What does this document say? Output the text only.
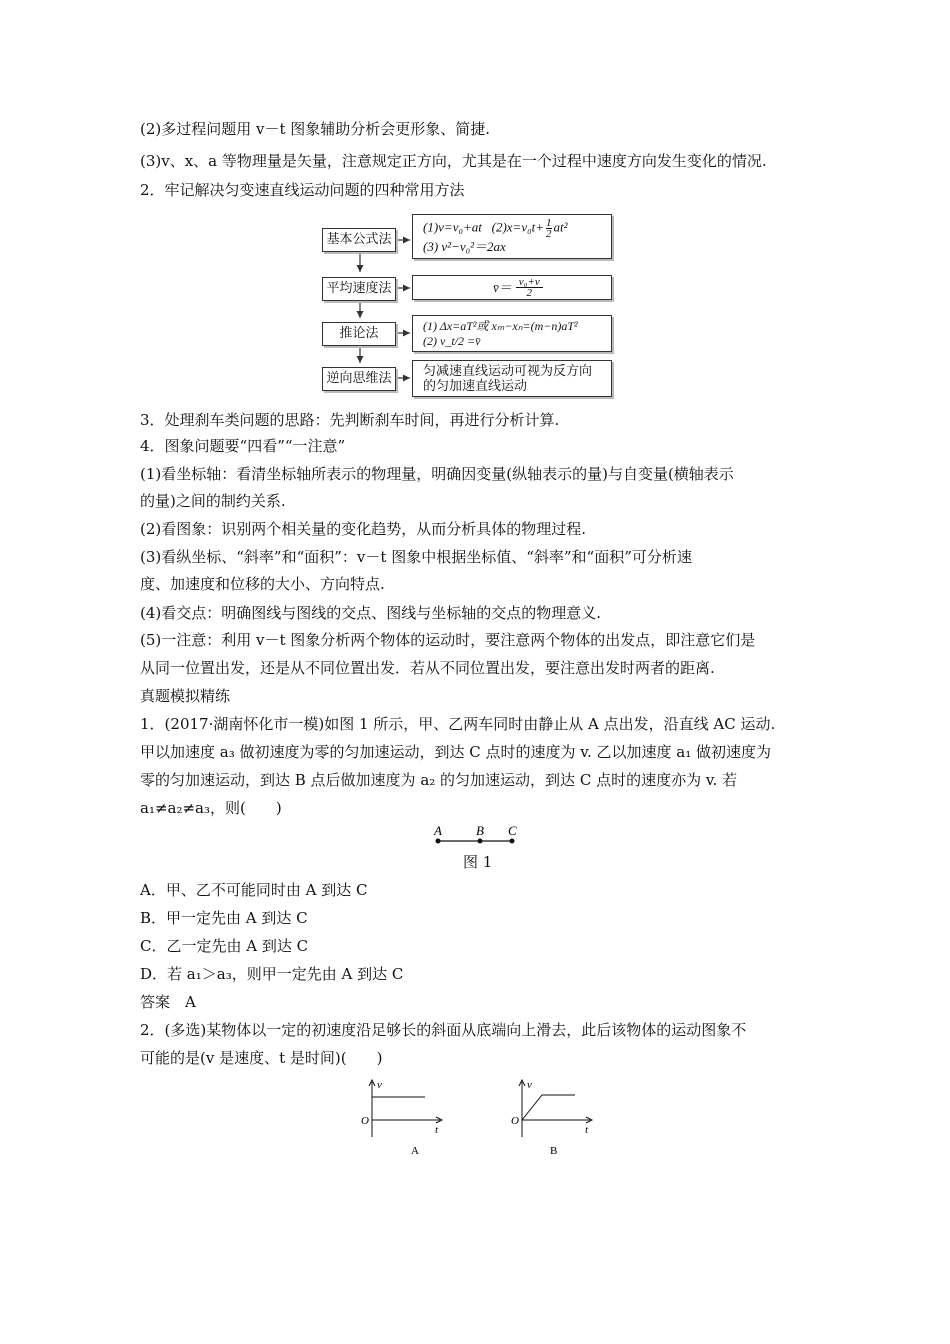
(2)多过程问题用 v－t 图象辅助分析会更形象、简捷.
(3)v、x、a 等物理量是矢量，注意规定正方向，尤其是在一个过程中速度方向发生变化的情况.
2．牢记解决匀变速直线运动问题的四种常用方法
基本公式法
平均速度法
推论法
逆向思维法
(1)v=v₀+at $(2)x=v_0t+ \frac{1}{2} at^2$
(3) v²−v₀²＝2ax
v̄＝ $\frac{\text{v₀+v}}{2}$
(1) Δx=aT²或 xₘ−xₙ=(m−n)aT²
(2) v_t/2 =v̄
匀减速直线运动可视为反方向的匀加速直线运动
3．处理刹车类问题的思路：先判断刹车时间，再进行分析计算.
4．图象问题要“四看”“一注意”
(1)看坐标轴：看清坐标轴所表示的物理量，明确因变量(纵轴表示的量)与自变量(横轴表示
的量)之间的制约关系.
(2)看图象：识别两个相关量的变化趋势，从而分析具体的物理过程.
(3)看纵坐标、“斜率”和“面积”：v－t 图象中根据坐标值、“斜率”和“面积”可分析速
度、加速度和位移的大小、方向特点.
(4)看交点：明确图线与图线的交点、图线与坐标轴的交点的物理意义.
(5)一注意：利用 v－t 图象分析两个物体的运动时，要注意两个物体的出发点，即注意它们是
从同一位置出发，还是从不同位置出发．若从不同位置出发，要注意出发时两者的距离.
真题模拟精练
1．(2017·湖南怀化市一模)如图 1 所示，甲、乙两车同时由静止从 A 点出发，沿直线 AC 运动.
甲以加速度 a₃ 做初速度为零的匀加速运动，到达 C 点时的速度为 v. 乙以加速度 a₁ 做初速度为
零的匀加速运动，到达 B 点后做加速度为 a₂ 的匀加速运动，到达 C 点时的速度亦为 v. 若
a₁≠a₂≠a₃，则(　　)
A	B C
图 1
A．甲、乙不可能同时由 A 到达 C
B．甲一定先由 A 到达 C
C．乙一定先由 A 到达 C
D．若 a₁＞a₃，则甲一定先由 A 到达 C
答案　A
2．(多选)某物体以一定的初速度沿足够长的斜面从底端向上滑去，此后该物体的运动图象不
可能的是(v 是速度、t 是时间)(　　)
v
t
O
A
v
t
O
B
